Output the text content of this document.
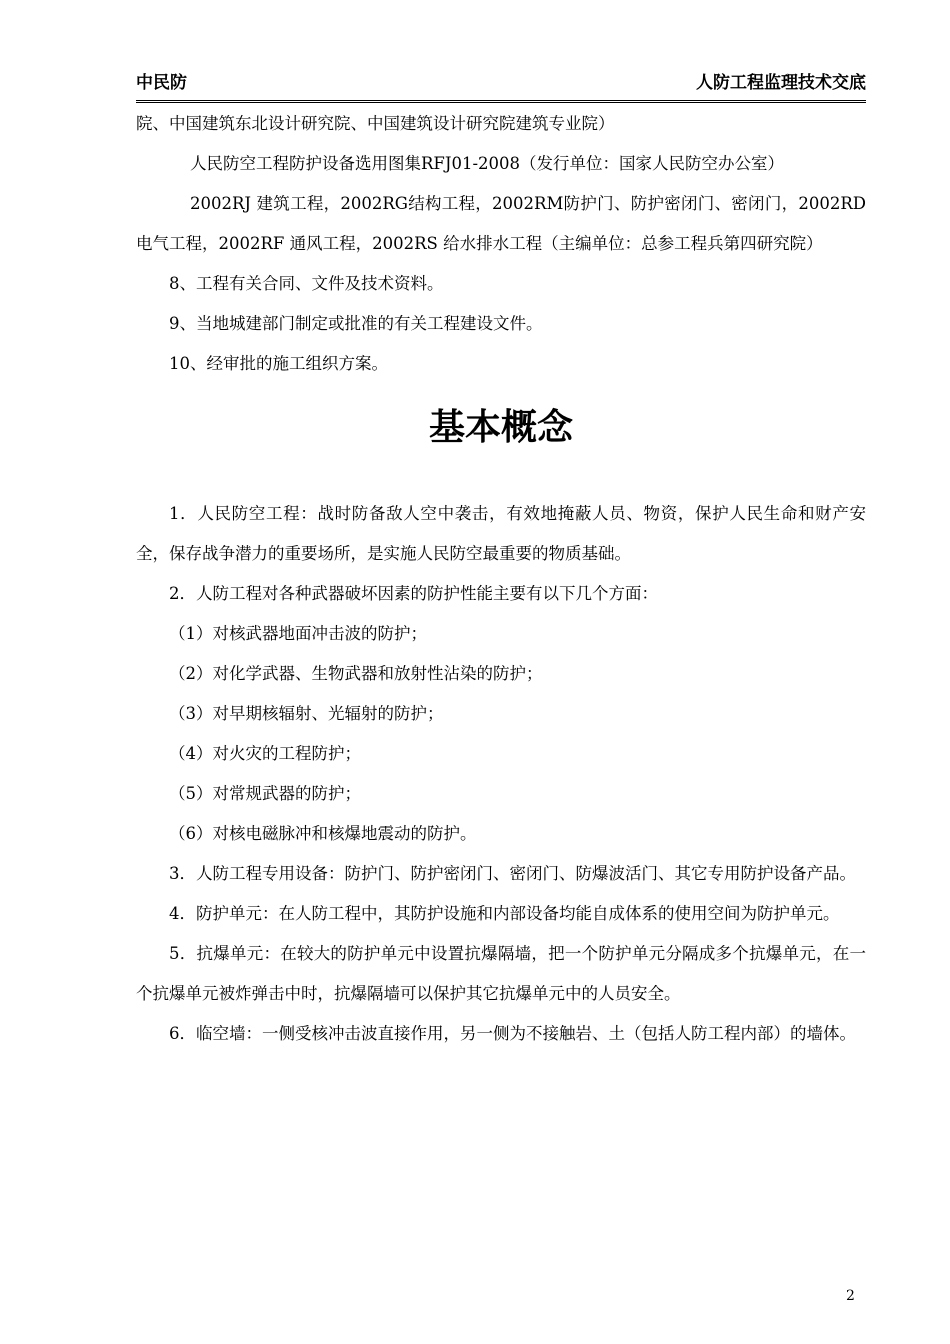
中民防	人防工程监理技术交底

院、中国建筑东北设计研究院、中国建筑设计研究院建筑专业院）

人民防空工程防护设备选用图集RFJ01-2008（发行单位：国家人民防空办公室）

2002RJ 建筑工程，2002RG结构工程，2002RM防护门、防护密闭门、密闭门，2002RD电气工程，2002RF 通风工程，2002RS 给水排水工程（主编单位：总参工程兵第四研究院）

8、工程有关合同、文件及技术资料。

9、当地城建部门制定或批准的有关工程建设文件。

10、经审批的施工组织方案。

基本概念

1．人民防空工程：战时防备敌人空中袭击，有效地掩蔽人员、物资，保护人民生命和财产安全，保存战争潜力的重要场所，是实施人民防空最重要的物质基础。

2．人防工程对各种武器破坏因素的防护性能主要有以下几个方面：

（1）对核武器地面冲击波的防护；

（2）对化学武器、生物武器和放射性沾染的防护；

（3）对早期核辐射、光辐射的防护；

（4）对火灾的工程防护；

（5）对常规武器的防护；

（6）对核电磁脉冲和核爆地震动的防护。

3．人防工程专用设备：防护门、防护密闭门、密闭门、防爆波活门、其它专用防护设备产品。

4．防护单元：在人防工程中，其防护设施和内部设备均能自成体系的使用空间为防护单元。

5．抗爆单元：在较大的防护单元中设置抗爆隔墙，把一个防护单元分隔成多个抗爆单元，在一个抗爆单元被炸弹击中时，抗爆隔墙可以保护其它抗爆单元中的人员安全。

6．临空墙：一侧受核冲击波直接作用，另一侧为不接触岩、土（包括人防工程内部）的墙体。

2
